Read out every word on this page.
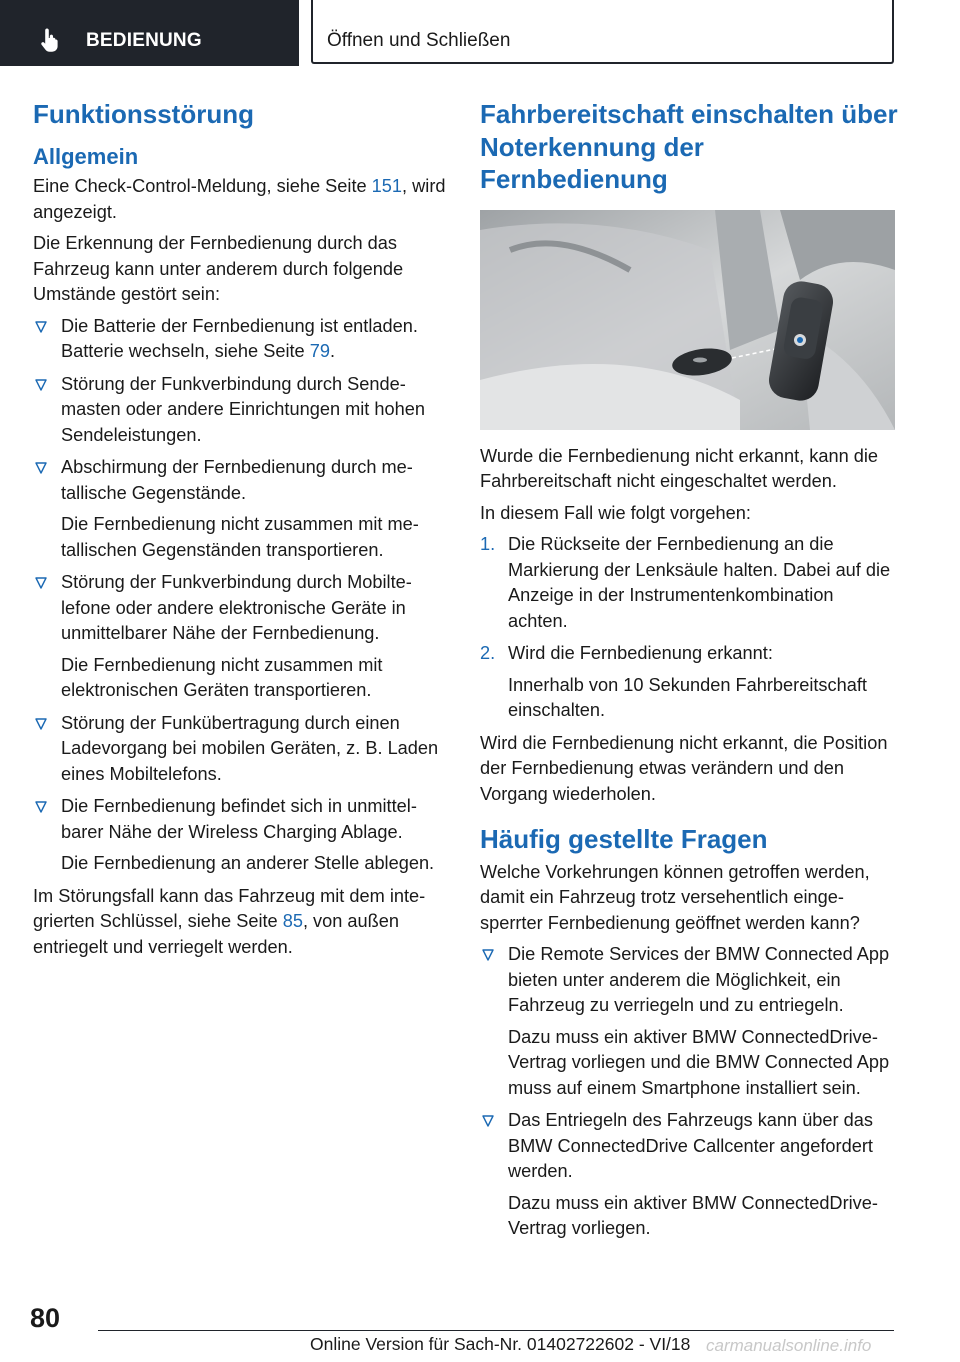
BEDIENUNG	Öffnen und Schließen
Funktionsstörung
Allgemein

Eine Check-Control-Meldung, siehe Seite 151, wird angezeigt.

Die Erkennung der Fernbedienung durch das Fahrzeug kann unter anderem durch folgende Umstände gestört sein:

Die Batterie der Fernbedienung ist entladen. Batterie wechseln, siehe Seite 79.
Störung der Funkverbindung durch Sendemasten oder andere Einrichtungen mit hohen Sendeleistungen.
Abschirmung der Fernbedienung durch metallische Gegenstände.

Die Fernbedienung nicht zusammen mit metallischen Gegenständen transportieren.

Störung der Funkverbindung durch Mobiltelefone oder andere elektronische Geräte in unmittelbarer Nähe der Fernbedienung.

Die Fernbedienung nicht zusammen mit elektronischen Geräten transportieren.

Störung der Funkübertragung durch einen Ladevorgang bei mobilen Geräten, z. B. Laden eines Mobiltelefons.
Die Fernbedienung befindet sich in unmittelbarer Nähe der Wireless Charging Ablage.

Die Fernbedienung an anderer Stelle ablegen.

Im Störungsfall kann das Fahrzeug mit dem integrierten Schlüssel, siehe Seite 85, von außen entriegelt und verriegelt werden.

Fahrbereitschaft einschalten über Noterkennung der Fernbedienung

Wurde die Fernbedienung nicht erkannt, kann die Fahrbereitschaft nicht eingeschaltet werden.

In diesem Fall wie folgt vorgehen:

1. Die Rückseite der Fernbedienung an die Markierung der Lenksäule halten. Dabei auf die Anzeige in der Instrumentenkombination achten.
2. Wird die Fernbedienung erkannt:

Innerhalb von 10 Sekunden Fahrbereitschaft einschalten.

Wird die Fernbedienung nicht erkannt, die Position der Fernbedienung etwas verändern und den Vorgang wiederholen.

Häufig gestellte Fragen

Welche Vorkehrungen können getroffen werden, damit ein Fahrzeug trotz versehentlich eingesperrter Fernbedienung geöffnet werden kann?

Die Remote Services der BMW Connected App bieten unter anderem die Möglichkeit, ein Fahrzeug zu verriegeln und zu entriegeln.

Dazu muss ein aktiver BMW ConnectedDrive-Vertrag vorliegen und die BMW Connected App muss auf einem Smartphone installiert sein.

Das Entriegeln des Fahrzeugs kann über das BMW ConnectedDrive Callcenter angefordert werden.

Dazu muss ein aktiver BMW ConnectedDrive-Vertrag vorliegen.

80
Online Version für Sach-Nr. 01402722602 - VI/18 carmanualsonline.info
